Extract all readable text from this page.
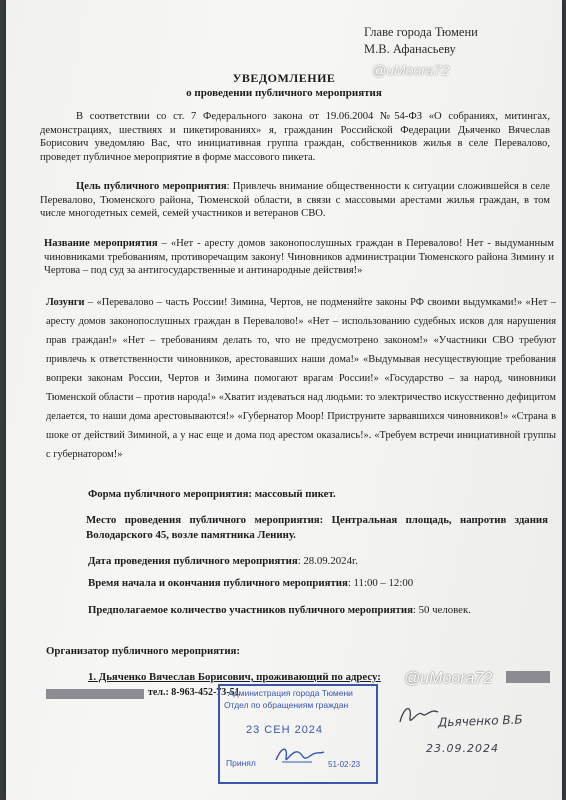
Главе города Тюмени
М.В. Афанасьеву
@uMoora72
УВЕДОМЛЕНИЕ
о проведении публичного мероприятия
В соответствии со ст. 7 Федерального закона от 19.06.2004 №54-ФЗ «О собраниях, митингах, демонстрациях, шествиях и пикетированиях» я, гражданин Российской Федерации Дьяченко Вячеслав Борисович уведомляю Вас, что инициативная группа граждан, собственников жилья в селе Перевалово, проведет публичное мероприятие в форме массового пикета.
Цель публичного мероприятия: Привлечь внимание общественности к ситуации сложившейся в селе Перевалово, Тюменского района, Тюменской области, в связи с массовыми арестами жилья граждан, в том числе многодетных семей, семей участников и ветеранов СВО.
Название мероприятия – «Нет - аресту домов законопослушных граждан в Перевалово! Нет - выдуманным чиновниками требованиям, противоречащим закону! Чиновников администрации Тюменского района Зимину и Чертова – под суд за антигосударственные и антинародные действия!»
Лозунги – «Перевалово – часть России! Зимина, Чертов, не подменяйте законы РФ своими выдумками!» «Нет – аресту домов законопослушных граждан в Перевалово!» «Нет – использованию судебных исков для нарушения прав граждан!» «Нет – требованиям делать то, что не предусмотрено законом!» «Участники СВО требуют привлечь к ответственности чиновников, арестовавших наши дома!» «Выдумывая несуществующие требования вопреки законам России, Чертов и Зимина помогают врагам России!» «Государство – за народ, чиновники Тюменской области – против народа!» «Хватит издеваться над людьми: то электричество искусственно дефицитом делается, то наши дома арестовываются!» «Губернатор Моор! Приструните зарвавшихся чиновников!» «Страна в шоке от действий Зиминой, а у нас еще и дома под арестом оказались!». «Требуем встречи инициативной группы с губернатором!»
Форма публичного мероприятия: массовый пикет.
Место проведения публичного мероприятия: Центральная площадь, напротив здания Володарского 45, возле памятника Ленину.
Дата проведения публичного мероприятия: 28.09.2024г.
Время начала и окончания публичного мероприятия: 11:00 – 12:00
Предполагаемое количество участников публичного мероприятия: 50 человек.
Организатор публичного мероприятия:
1. Дьяченко Вячеслав Борисович, проживающий по адресу: @uMoora72
тел.: 8-963-452-73-51
Администрация города Тюмени
Отдел по обращениям граждан
23 СЕН 2024
Принял	51-02-23
Дьяченко В.Б
23.09.2024
